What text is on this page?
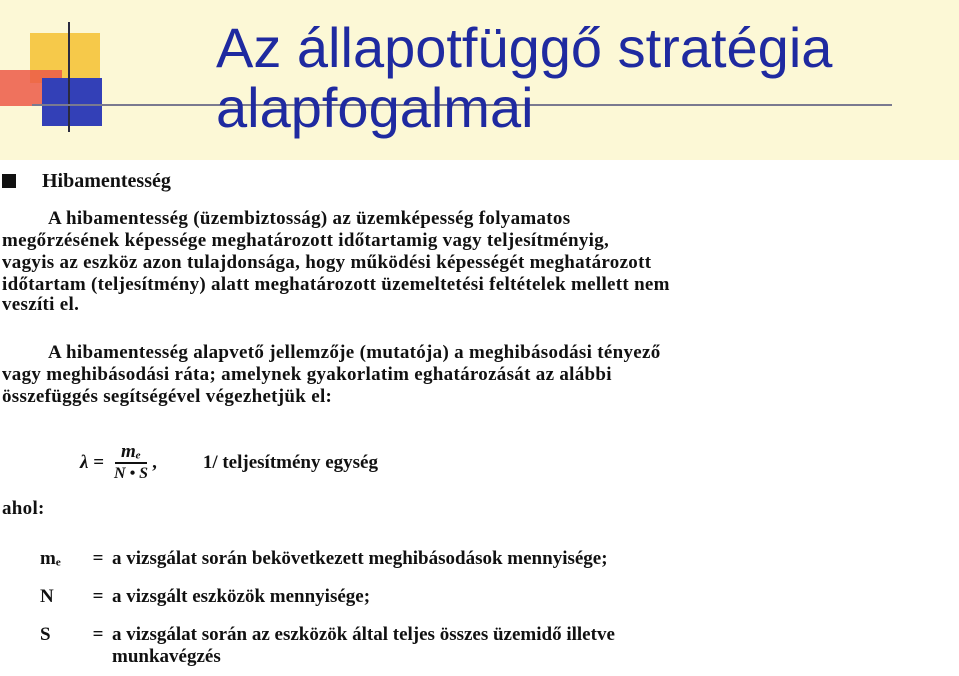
Az állapotfüggő stratégia
alapfogalmai
Hibamentesség
A hibamentesség (üzembiztosság) az üzemképesség folyamatos
megőrzésének képessége meghatározott időtartamig vagy teljesítményig,
vagyis az eszköz azon tulajdonsága, hogy működési képességét meghatározott
időtartam (teljesítmény) alatt meghatározott üzemeltetési feltételek mellett nem
veszíti el.
A hibamentesség alapvető jellemzője (mutatója) a meghibásodási tényező
vagy meghibásodási ráta; amelynek gyakorlatim eghatározását az alábbi
összefüggés segítségével végezhetjük el:
$\lambda = \frac{\text{mₑ}}{N • S}$ , 1/ teljesítmény egység
ahol:
mₑ = a vizsgálat során bekövetkezett meghibásodások mennyisége;
N = a vizsgált eszközök mennyisége;
S = a vizsgálat során az eszközök által teljes összes üzemidő illetve
munkavégzés
